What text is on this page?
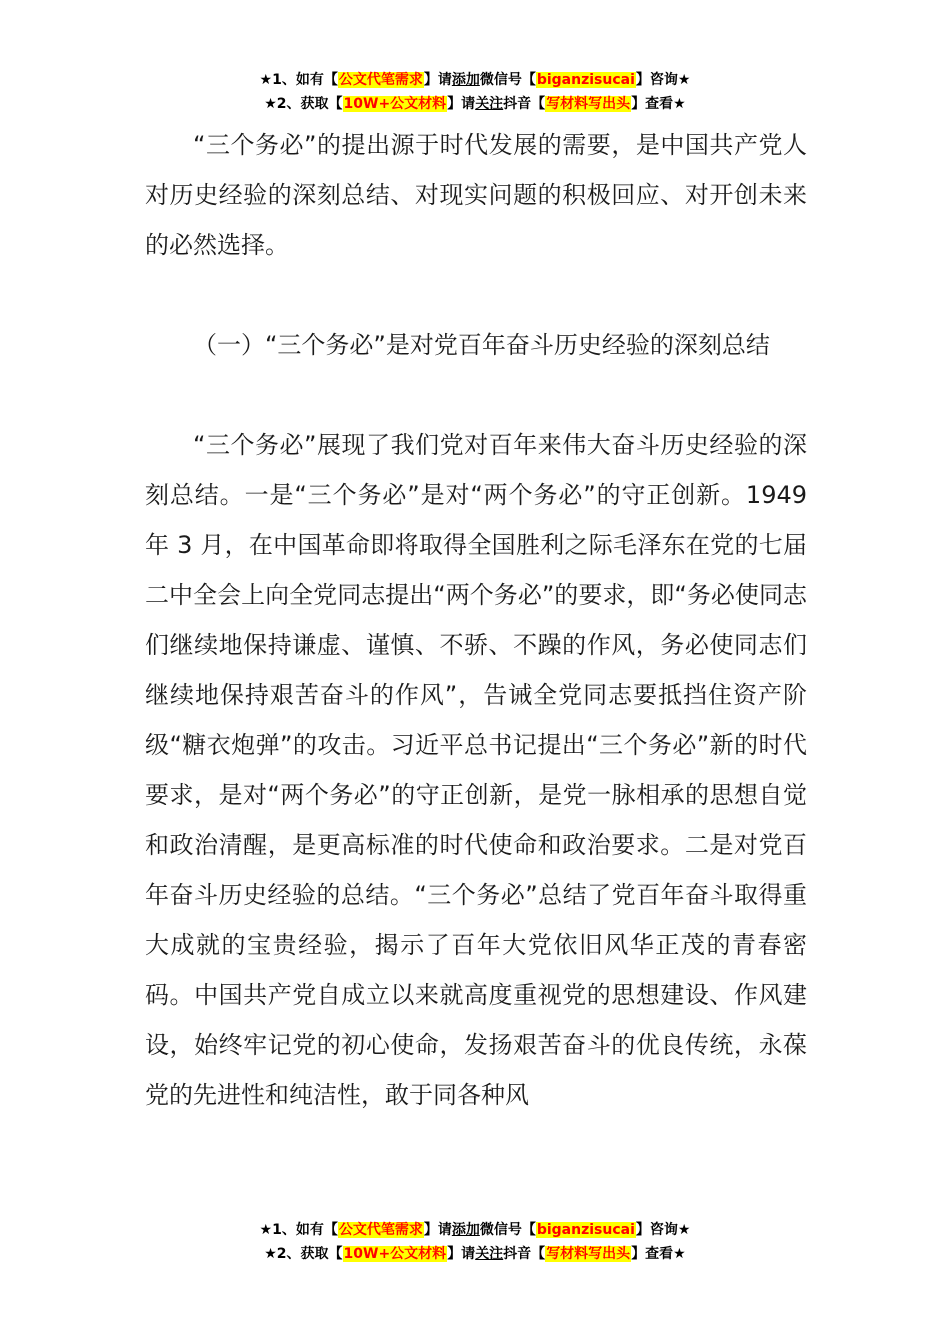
★1、如有【公文代笔需求】请添加微信号【biganzisucai】咨询★
★2、获取【10W+公文材料】请关注抖音【写材料写出头】查看★

“三个务必”的提出源于时代发展的需要，是中国共产党人对历史经验的深刻总结、对现实问题的积极回应、对开创未来的必然选择。

（一）“三个务必”是对党百年奋斗历史经验的深刻总结

“三个务必”展现了我们党对百年来伟大奋斗历史经验的深刻总结。一是“三个务必”是对“两个务必”的守正创新。1949 年 3 月，在中国革命即将取得全国胜利之际毛泽东在党的七届二中全会上向全党同志提出“两个务必”的要求，即“务必使同志们继续地保持谦虚、谨慎、不骄、不躁的作风，务必使同志们继续地保持艰苦奋斗的作风”，告诫全党同志要抵挡住资产阶级“糖衣炮弹”的攻击。习近平总书记提出“三个务必”新的时代要求，是对“两个务必”的守正创新，是党一脉相承的思想自觉和政治清醒，是更高标准的时代使命和政治要求。二是对党百年奋斗历史经验的总结。“三个务必”总结了党百年奋斗取得重大成就的宝贵经验，揭示了百年大党依旧风华正茂的青春密码。中国共产党自成立以来就高度重视党的思想建设、作风建设，始终牢记党的初心使命，发扬艰苦奋斗的优良传统，永葆党的先进性和纯洁性，敢于同各种风

★1、如有【公文代笔需求】请添加微信号【biganzisucai】咨询★
★2、获取【10W+公文材料】请关注抖音【写材料写出头】查看★
